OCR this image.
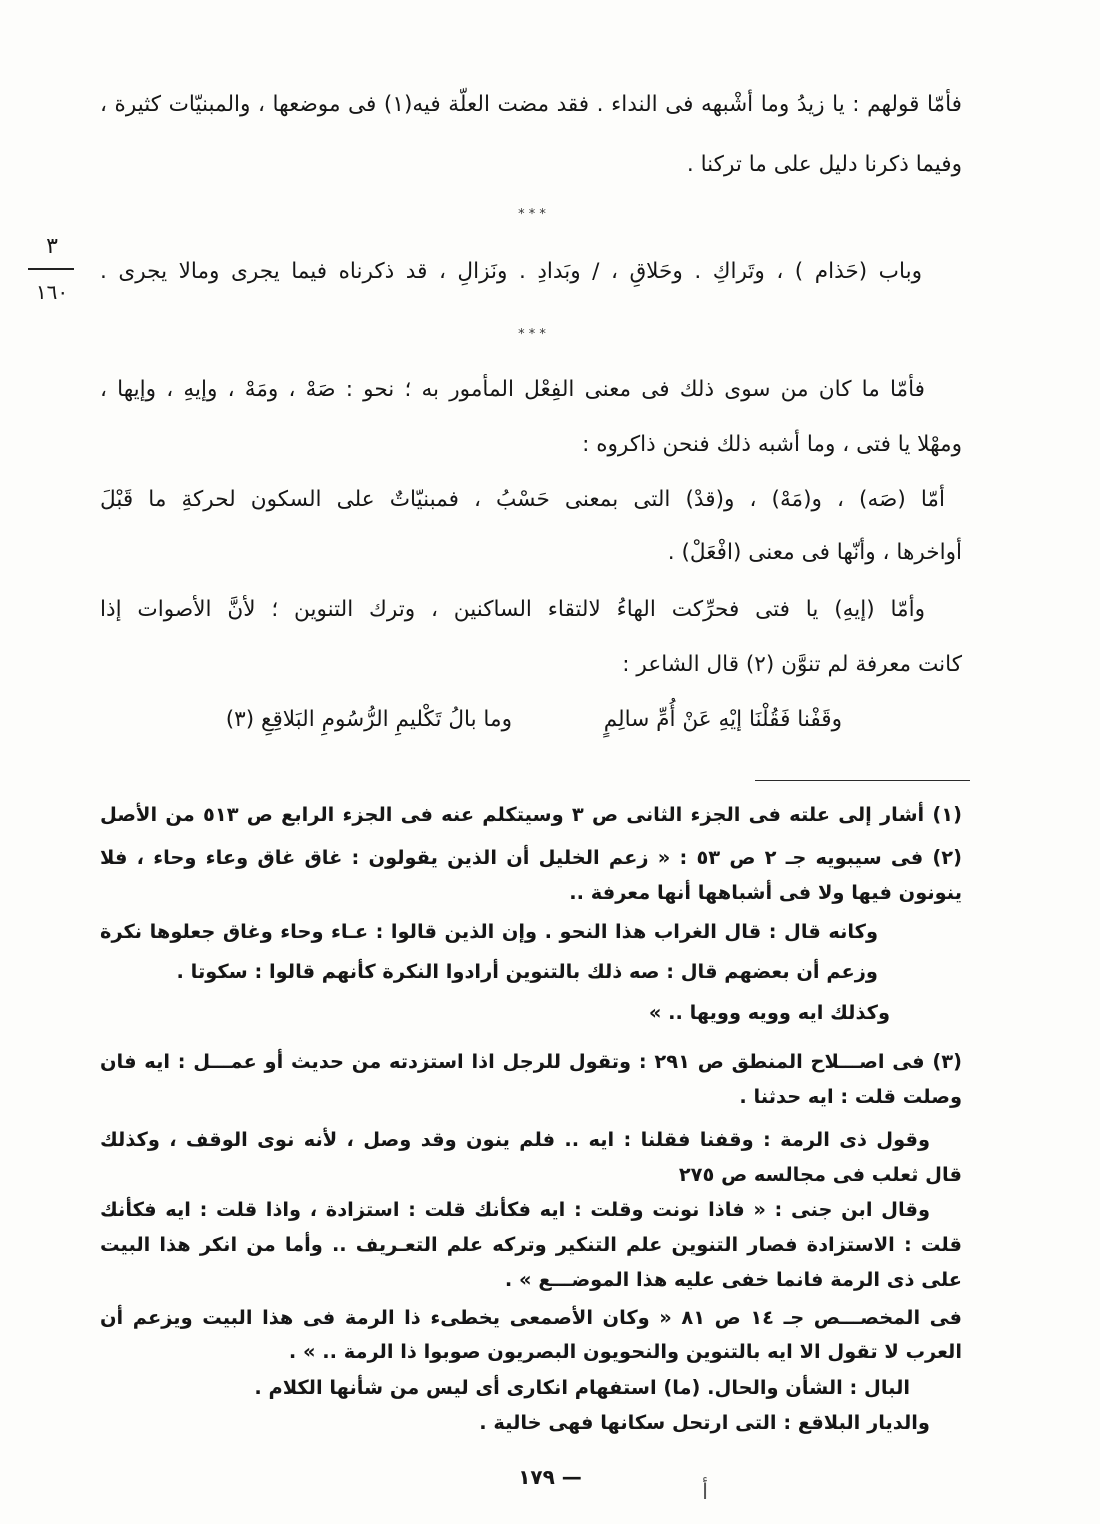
٣
١٦٠
فأمّا قولهم : يا زيدُ وما أشْبهه فى النداء . فقد مضت العلّة فيه(١) فى موضعها ، والمبنيّات كثيرة ،
وفيما ذكرنا دليل على ما تركنا .
* * *
وباب (حَذام ) ، وتَراكِ . وحَلاقِ ، / وبَدادِ . ونَزالِ ، قد ذكرناه فيما يجرى ومالا يجرى .
* * *
فأمّا ما كان من سوى ذلك فى معنى الفِعْل المأمور به ؛ نحو : صَهْ ، ومَهْ ، وإيهِ ، وإيها ،
ومهْلا يا فتى ، وما أشبه ذلك فنحن ذاكروه :
أمّا (صَه) ، و(مَهْ) ، و(قدْ) التى بمعنى حَسْبُ ، فمبنيّاتٌ على السكون لحركةِ ما قَبْلَ
أواخرها ، وأنّها فى معنى (افْعَلْ) .
وأمّا (إيهِ) يا فتى فحرِّكت الهاءُ لالتقاء الساكنين ، وترك التنوين ؛ لأنَّ الأصوات إذا
كانت معرفة لم تنوَّن (٢) قال الشاعر :
وقَفْنا فَقُلْنَا إيْهِ عَنْ أُمِّ سالِمٍ
وما بالُ تَكْليمِ الرُّسُومِ البَلاقِعِ (٣)
(١) أشار إلى علته فى الجزء الثانى ص ٣ وسيتكلم عنه فى الجزء الرابع ص ٥١٣ من الأصل
(٢) فى سيبويه جـ ٢ ص ٥٣ : « زعم الخليل أن الذين يقولون : غاق غاق وعاء وحاء ، فلا
ينونون فيها ولا فى أشباهها أنها معرفة ..
وكانه قال : قال الغراب هذا النحو . وإن الذين قالوا : عـاء وحاء وغاق جعلوها نكرة
وزعم أن بعضهم قال : صه ذلك بالتنوين أرادوا النكرة كأنهم قالوا : سكوتا .
وكذلك ايه وويه وويها .. »
(٣) فى اصـــلاح المنطق ص ٢٩١ : وتقول للرجل اذا استزدته من حديث أو عمـــل : ايه فان
وصلت قلت : ايه حدثنا .
وقول ذى الرمة : وقفنا فقلنا : ايه .. فلم ينون وقد وصل ، لأنه نوى الوقف ، وكذلك
قال ثعلب فى مجالسه ص ٢٧٥
وقال ابن جنى : « فاذا نونت وقلت : ايه فكأنك قلت : استزادة ، واذا قلت : ايه فكأنك
قلت : الاستزادة فصار التنوين علم التنكير وتركه علم التعـريف .. وأما من انكر هذا البيت
على ذى الرمة فانما خفى عليه هذا الموضـــع » .
فى المخصـــص جـ ١٤ ص ٨١ « وكان الأصمعى يخطىء ذا الرمة فى هذا البيت ويزعم أن
العرب لا تقول الا ايه بالتنوين والنحويون البصريون صوبوا ذا الرمة .. » .
البال : الشأن والحال. (ما) استفهام انكارى أى ليس من شأنها الكلام .
والديار البلاقع : التى ارتحل سكانها فهى خالية .
— ١٧٩
أ
